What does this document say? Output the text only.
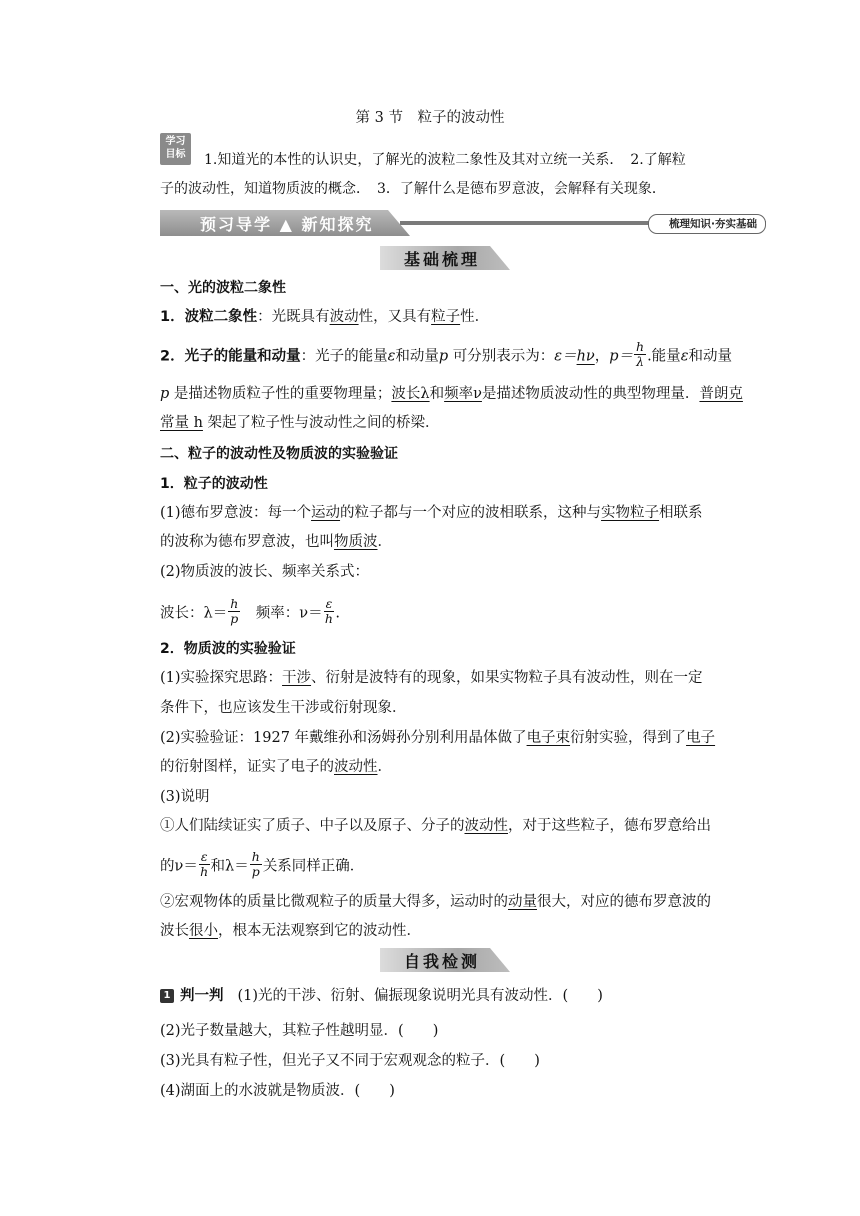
第 3 节　粒子的波动性
学习
目标	1.知道光的本性的认识史，了解光的波粒二象性及其对立统一关系．　2.了解粒
子的波动性，知道物质波的概念．　3．了解什么是德布罗意波，会解释有关现象．
预习导学 ▲ 新知探究	梳理知识·夯实基础
基础梳理
一、光的波粒二象性
1．波粒二象性：光既具有波动性，又具有粒子性．
2．光子的能量和动量：光子的能量ε和动量p 可分别表示为：ε＝hν，$p= \frac{h}{\lambda}$ .能量ε和动量
p 是描述物质粒子性的重要物理量；波长λ和频率ν是描述物质波动性的典型物理量．普朗克
常量 h 架起了粒子性与波动性之间的桥梁．
二、粒子的波动性及物质波的实验验证
1．粒子的波动性
(1)德布罗意波：每一个运动的粒子都与一个对应的波相联系，这种与实物粒子相联系
的波称为德布罗意波，也叫物质波．
(2)物质波的波长、频率关系式：
波长：$\lambda= \frac{h}{p}$ 　频率：$\nu= \frac{\varepsilon}{h}$ .
2．物质波的实验验证
(1)实验探究思路：干涉、衍射是波特有的现象，如果实物粒子具有波动性，则在一定
条件下，也应该发生干涉或衍射现象．
(2)实验验证：1927 年戴维孙和汤姆孙分别利用晶体做了电子束衍射实验，得到了电子
的衍射图样，证实了电子的波动性．
(3)说明
①人们陆续证实了质子、中子以及原子、分子的波动性，对于这些粒子，德布罗意给出
的$\nu= \frac{\varepsilon}{h}$ 和$\lambda= \frac{h}{p}$ 关系同样正确．
②宏观物体的质量比微观粒子的质量大得多，运动时的动量很大，对应的德布罗意波的
波长很小，根本无法观察到它的波动性．
自我检测
1 判一判 (1)光的干涉、衍射、偏振现象说明光具有波动性．(　　)
(2)光子数量越大，其粒子性越明显．(　　)
(3)光具有粒子性，但光子又不同于宏观观念的粒子．(　　)
(4)湖面上的水波就是物质波．(　　)
